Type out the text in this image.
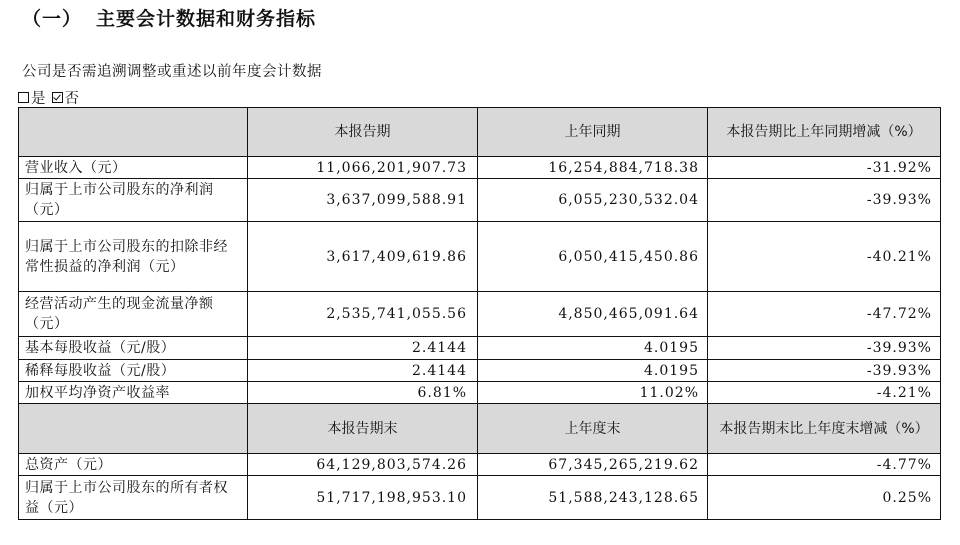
（一） 主要会计数据和财务指标
公司是否需追溯调整或重述以前年度会计数据
是 否
	本报告期	上年同期	本报告期比上年同期增减（%）
营业收入（元）	11,066,201,907.73	16,254,884,718.38	-31.92%
归属于上市公司股东的净利润（元）	3,637,099,588.91	6,055,230,532.04	-39.93%
归属于上市公司股东的扣除非经常性损益的净利润（元）	3,617,409,619.86	6,050,415,450.86	-40.21%
经营活动产生的现金流量净额（元）	2,535,741,055.56	4,850,465,091.64	-47.72%
基本每股收益（元/股）	2.4144	4.0195	-39.93%
稀释每股收益（元/股）	2.4144	4.0195	-39.93%
加权平均净资产收益率	6.81%	11.02%	-4.21%
	本报告期末	上年度末	本报告期末比上年度末增减（%）
总资产（元）	64,129,803,574.26	67,345,265,219.62	-4.77%
归属于上市公司股东的所有者权益（元）	51,717,198,953.10	51,588,243,128.65	0.25%
